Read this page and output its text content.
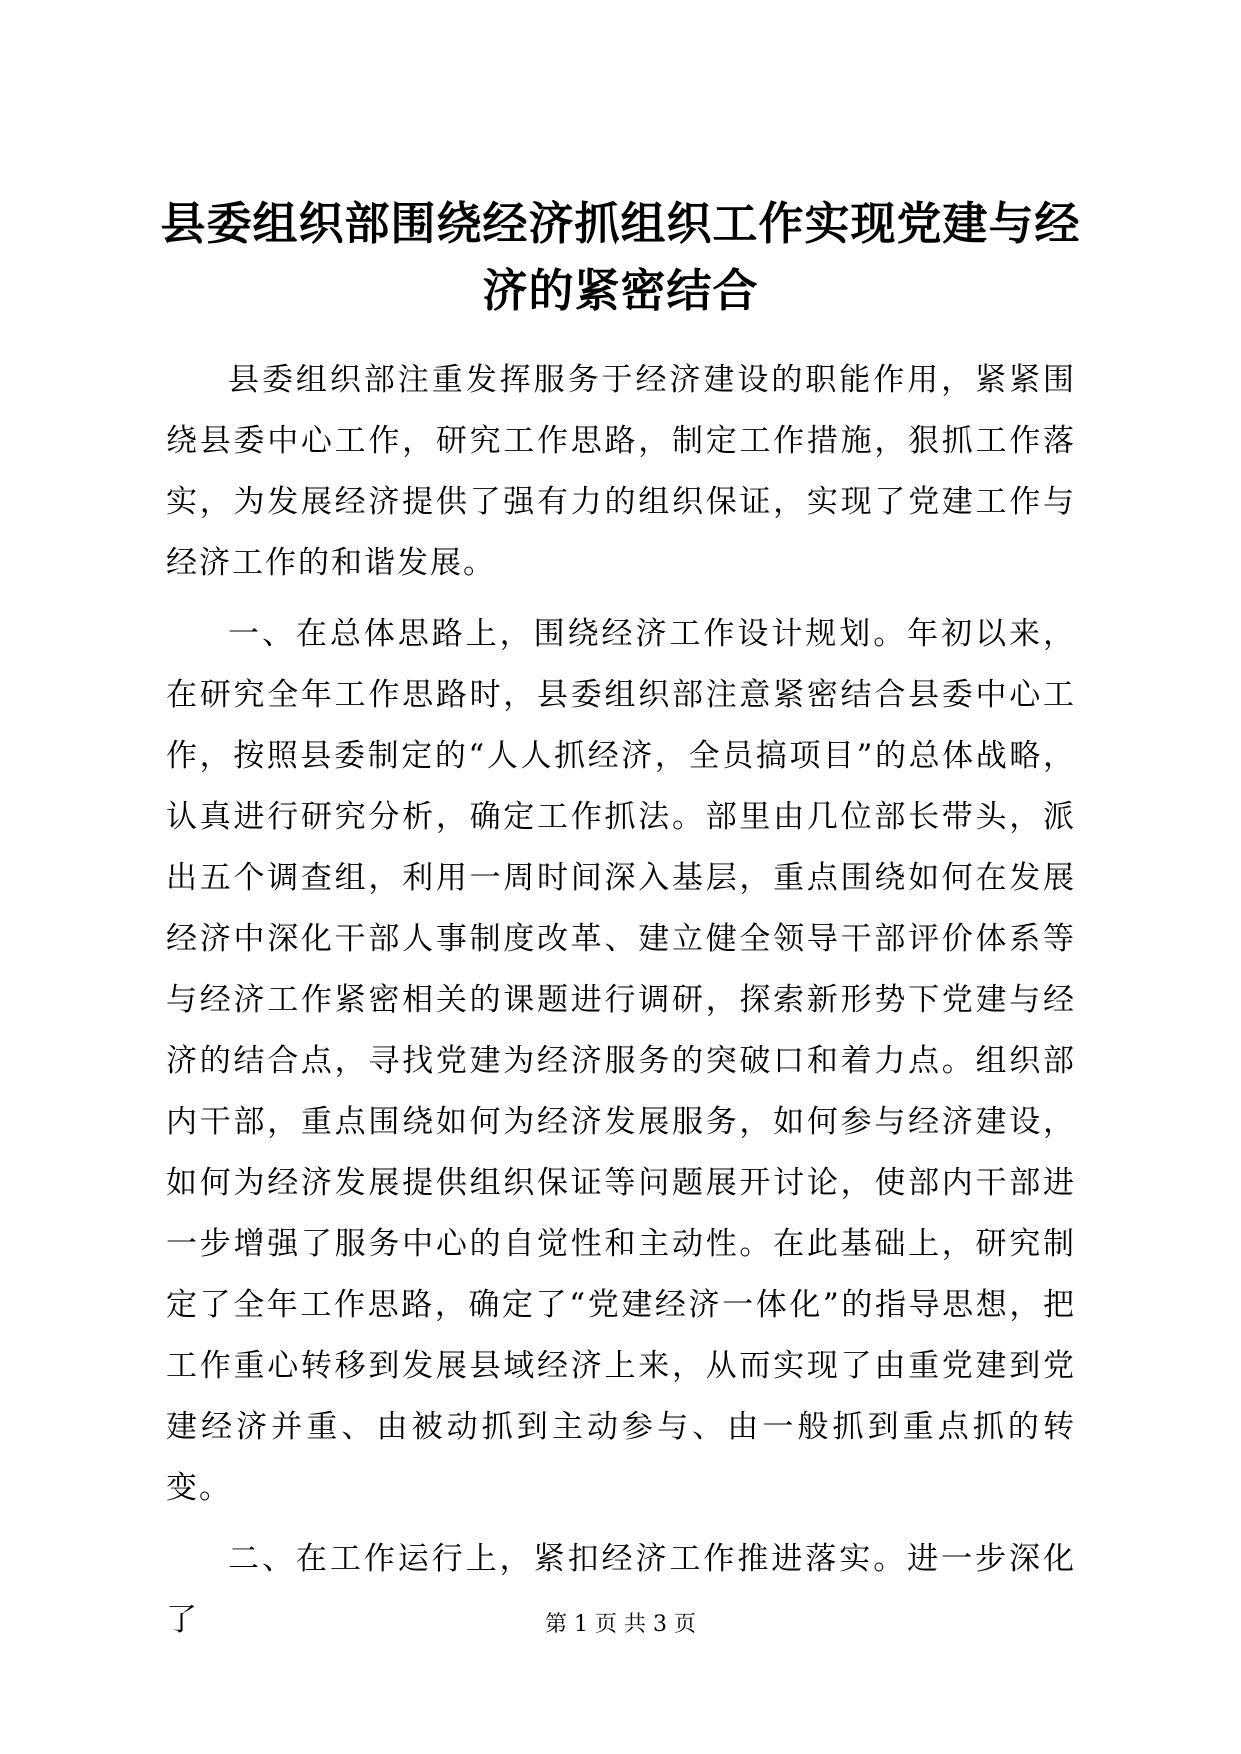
县委组织部围绕经济抓组织工作实现党建与经济的紧密结合

县委组织部注重发挥服务于经济建设的职能作用，紧紧围绕县委中心工作，研究工作思路，制定工作措施，狠抓工作落实，为发展经济提供了强有力的组织保证，实现了党建工作与经济工作的和谐发展。

一、在总体思路上，围绕经济工作设计规划。年初以来，在研究全年工作思路时，县委组织部注意紧密结合县委中心工作，按照县委制定的“人人抓经济，全员搞项目”的总体战略，认真进行研究分析，确定工作抓法。部里由几位部长带头，派出五个调查组，利用一周时间深入基层，重点围绕如何在发展经济中深化干部人事制度改革、建立健全领导干部评价体系等与经济工作紧密相关的课题进行调研，探索新形势下党建与经济的结合点，寻找党建为经济服务的突破口和着力点。组织部内干部，重点围绕如何为经济发展服务，如何参与经济建设，如何为经济发展提供组织保证等问题展开讨论，使部内干部进一步增强了服务中心的自觉性和主动性。在此基础上，研究制定了全年工作思路，确定了“党建经济一体化”的指导思想，把工作重心转移到发展县域经济上来，从而实现了由重党建到党建经济并重、由被动抓到主动参与、由一般抓到重点抓的转变。

二、在工作运行上，紧扣经济工作推进落实。进一步深化了	第 1 页 共 3 页
